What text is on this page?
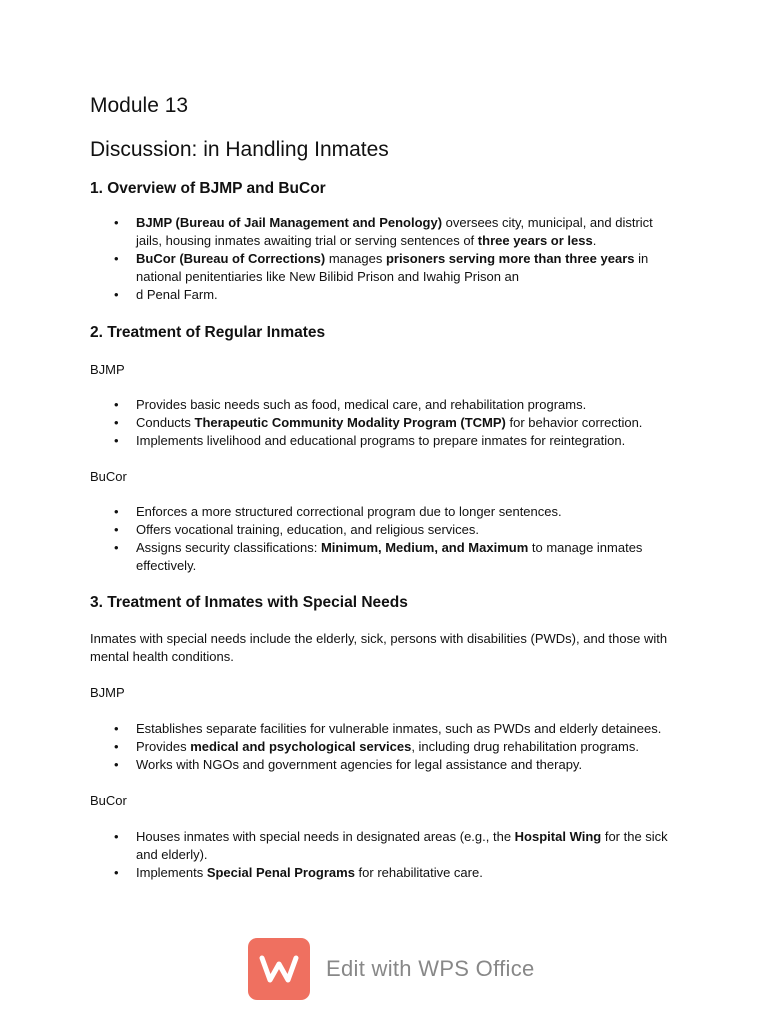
Module 13
Discussion: in Handling Inmates
1. Overview of BJMP and BuCor
• BJMP (Bureau of Jail Management and Penology) oversees city, municipal, and district jails, housing inmates awaiting trial or serving sentences of three years or less.
• BuCor (Bureau of Corrections) manages prisoners serving more than three years in national penitentiaries like New Bilibid Prison and Iwahig Prison an
• d Penal Farm.
2. Treatment of Regular Inmates

BJMP

• Provides basic needs such as food, medical care, and rehabilitation programs.
• Conducts Therapeutic Community Modality Program (TCMP) for behavior correction.
• Implements livelihood and educational programs to prepare inmates for reintegration.

BuCor

• Enforces a more structured correctional program due to longer sentences.
• Offers vocational training, education, and religious services.
• Assigns security classifications: Minimum, Medium, and Maximum to manage inmates effectively.
3. Treatment of Inmates with Special Needs

Inmates with special needs include the elderly, sick, persons with disabilities (PWDs), and those with mental health conditions.

BJMP

• Establishes separate facilities for vulnerable inmates, such as PWDs and elderly detainees.
• Provides medical and psychological services, including drug rehabilitation programs.
• Works with NGOs and government agencies for legal assistance and therapy.

BuCor

• Houses inmates with special needs in designated areas (e.g., the Hospital Wing for the sick and elderly).
• Implements Special Penal Programs for rehabilitative care.
Edit with WPS Office
